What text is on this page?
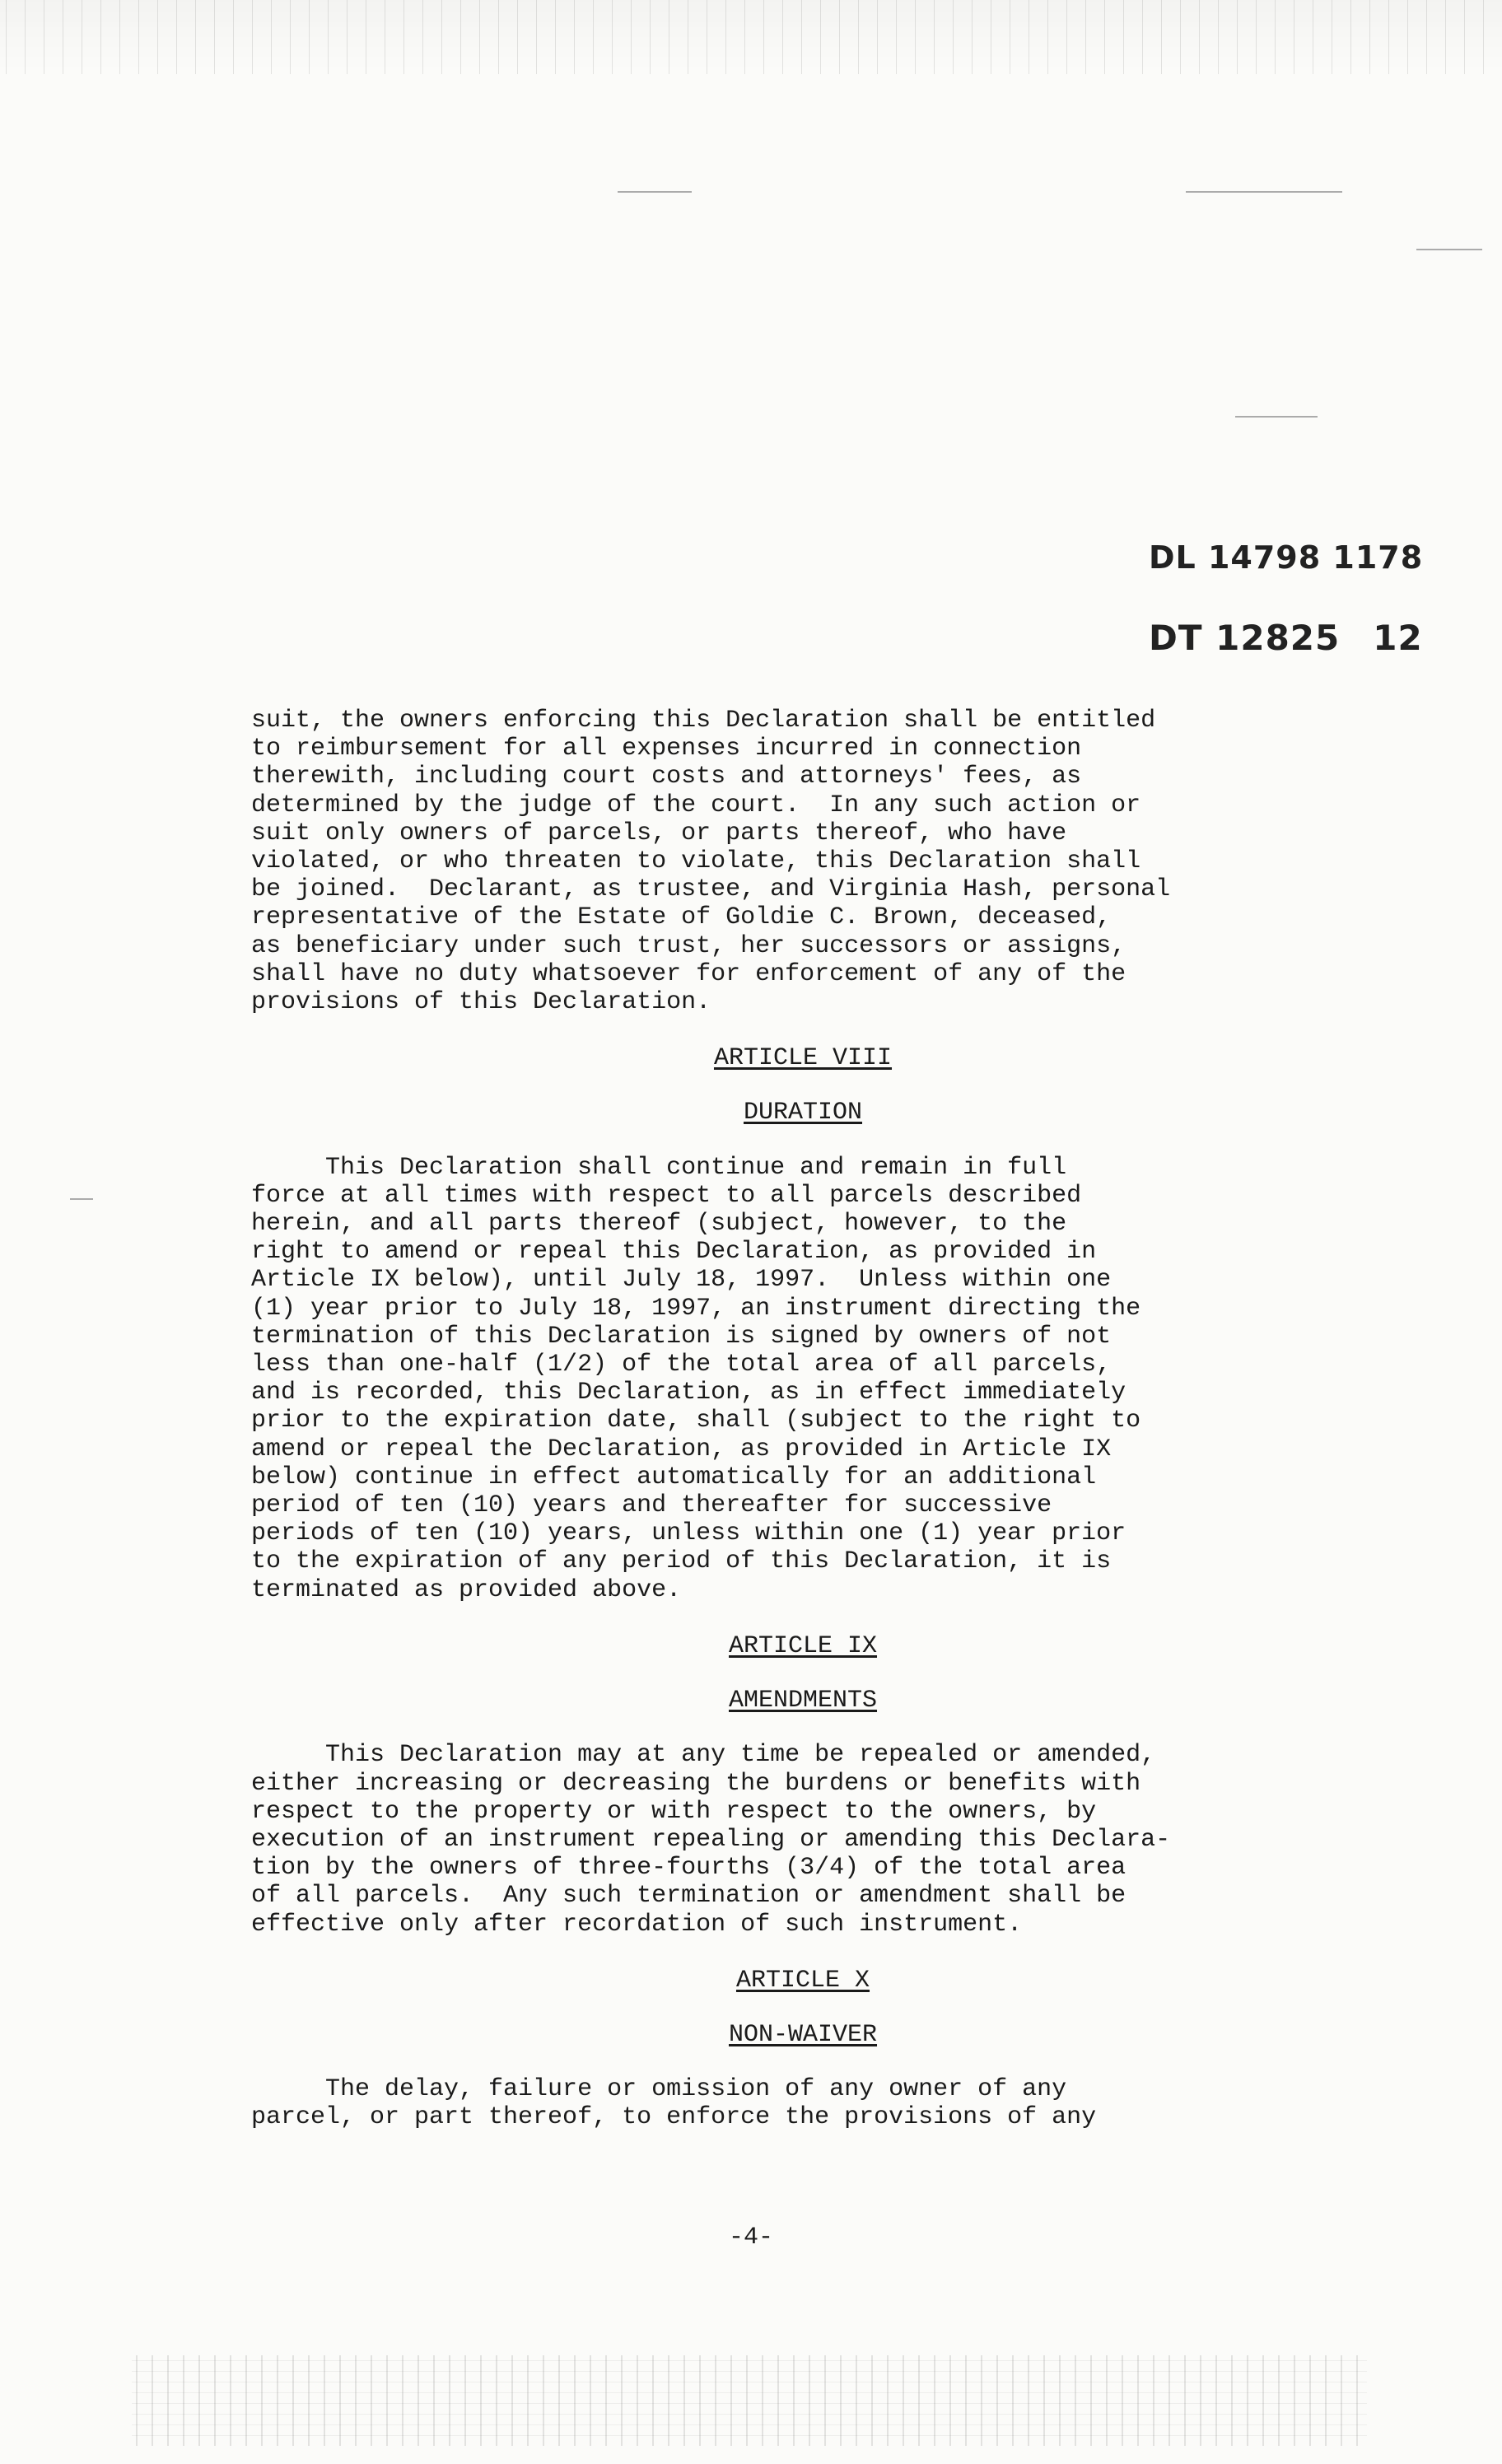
DL 14798 1178
DT 12825 12

suit, the owners enforcing this Declaration shall be entitled
to reimbursement for all expenses incurred in connection
therewith, including court costs and attorneys' fees, as
determined by the judge of the court.  In any such action or
suit only owners of parcels, or parts thereof, who have
violated, or who threaten to violate, this Declaration shall
be joined.  Declarant, as trustee, and Virginia Hash, personal
representative of the Estate of Goldie C. Brown, deceased,
as beneficiary under such trust, her successors or assigns,
shall have no duty whatsoever for enforcement of any of the
provisions of this Declaration.

ARTICLE VIII

DURATION

This Declaration shall continue and remain in full
force at all times with respect to all parcels described
herein, and all parts thereof (subject, however, to the
right to amend or repeal this Declaration, as provided in
Article IX below), until July 18, 1997.  Unless within one
(1) year prior to July 18, 1997, an instrument directing the
termination of this Declaration is signed by owners of not
less than one-half (1/2) of the total area of all parcels,
and is recorded, this Declaration, as in effect immediately
prior to the expiration date, shall (subject to the right to
amend or repeal the Declaration, as provided in Article IX
below) continue in effect automatically for an additional
period of ten (10) years and thereafter for successive
periods of ten (10) years, unless within one (1) year prior
to the expiration of any period of this Declaration, it is
terminated as provided above.

ARTICLE IX

AMENDMENTS

This Declaration may at any time be repealed or amended,
either increasing or decreasing the burdens or benefits with
respect to the property or with respect to the owners, by
execution of an instrument repealing or amending this Declara-
tion by the owners of three-fourths (3/4) of the total area
of all parcels.  Any such termination or amendment shall be
effective only after recordation of such instrument.

ARTICLE X

NON-WAIVER

The delay, failure or omission of any owner of any
parcel, or part thereof, to enforce the provisions of any

-4-
